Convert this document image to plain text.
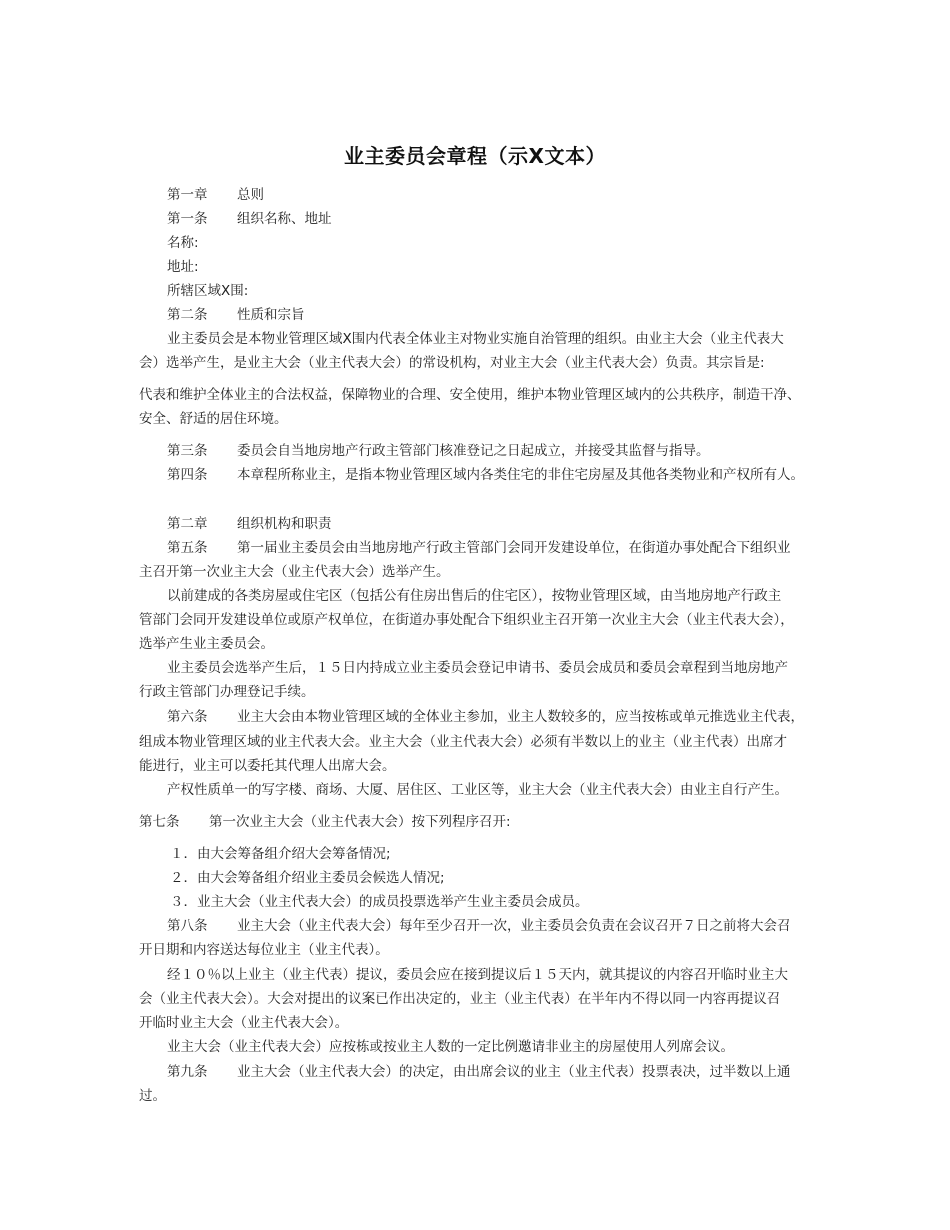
业主委员会章程（示X文本）
第一章 总则
第一条 组织名称、地址
名称:
地址:
所辖区域X围:
第二条 性质和宗旨
业主委员会是本物业管理区域X围内代表全体业主对物业实施自治管理的组织。由业主大会（业主代表大
会）选举产生，是业主大会（业主代表大会）的常设机构，对业主大会（业主代表大会）负责。其宗旨是:
代表和维护全体业主的合法权益，保障物业的合理、安全使用，维护本物业管理区域内的公共秩序，制造干净、
安全、舒适的居住环境。
第三条 委员会自当地房地产行政主管部门核准登记之日起成立，并接受其监督与指导。
第四条 本章程所称业主，是指本物业管理区域内各类住宅的非住宅房屋及其他各类物业和产权所有人。
第二章 组织机构和职责
第五条 第一届业主委员会由当地房地产行政主管部门会同开发建设单位，在街道办事处配合下组织业
主召开第一次业主大会（业主代表大会）选举产生。
以前建成的各类房屋或住宅区（包括公有住房出售后的住宅区），按物业管理区域，由当地房地产行政主
管部门会同开发建设单位或原产权单位，在街道办事处配合下组织业主召开第一次业主大会（业主代表大会），
选举产生业主委员会。
业主委员会选举产生后，１５日内持成立业主委员会登记申请书、委员会成员和委员会章程到当地房地产
行政主管部门办理登记手续。
第六条 业主大会由本物业管理区域的全体业主参加，业主人数较多的，应当按栋或单元推选业主代表，
组成本物业管理区域的业主代表大会。业主大会（业主代表大会）必须有半数以上的业主（业主代表）出席才
能进行，业主可以委托其代理人出席大会。
产权性质单一的写字楼、商场、大厦、居住区、工业区等，业主大会（业主代表大会）由业主自行产生。
第七条 第一次业主大会（业主代表大会）按下列程序召开:
１．由大会筹备组介绍大会筹备情况;
２．由大会筹备组介绍业主委员会候选人情况;
３．业主大会（业主代表大会）的成员投票选举产生业主委员会成员。
第八条 业主大会（业主代表大会）每年至少召开一次，业主委员会负责在会议召开７日之前将大会召
开日期和内容送达每位业主（业主代表）。
经１０％以上业主（业主代表）提议，委员会应在接到提议后１５天内，就其提议的内容召开临时业主大
会（业主代表大会）。大会对提出的议案已作出决定的，业主（业主代表）在半年内不得以同一内容再提议召
开临时业主大会（业主代表大会）。
业主大会（业主代表大会）应按栋或按业主人数的一定比例邀请非业主的房屋使用人列席会议。
第九条 业主大会（业主代表大会）的决定，由出席会议的业主（业主代表）投票表决，过半数以上通
过。
